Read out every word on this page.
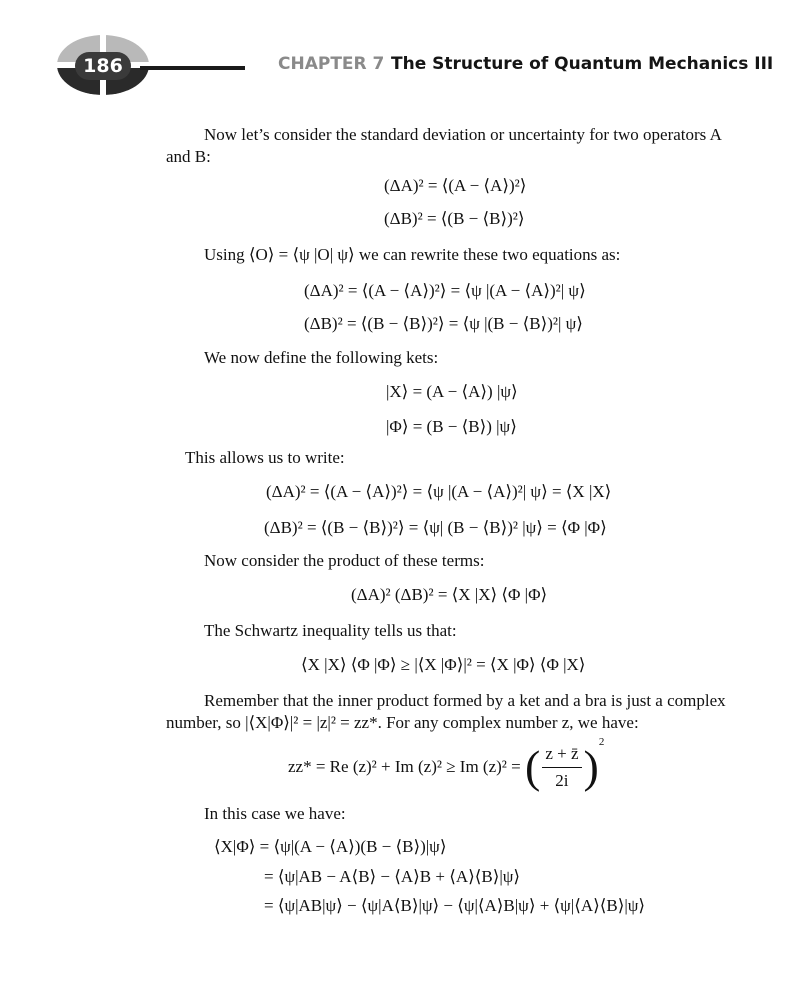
186	CHAPTER 7 The Structure of Quantum Mechanics III
Now let’s consider the standard deviation or uncertainty for two operators A
and B:
(ΔA)² = ⟨(A − ⟨A⟩)²⟩
(ΔB)² = ⟨(B − ⟨B⟩)²⟩
Using ⟨O⟩ = ⟨ψ |O| ψ⟩ we can rewrite these two equations as:
(ΔA)² = ⟨(A − ⟨A⟩)²⟩ = ⟨ψ |(A − ⟨A⟩)²| ψ⟩
(ΔB)² = ⟨(B − ⟨B⟩)²⟩ = ⟨ψ |(B − ⟨B⟩)²| ψ⟩
We now define the following kets:
|X⟩ = (A − ⟨A⟩) |ψ⟩
|Φ⟩ = (B − ⟨B⟩) |ψ⟩
This allows us to write:
(ΔA)² = ⟨(A − ⟨A⟩)²⟩ = ⟨ψ |(A − ⟨A⟩)²| ψ⟩ = ⟨X |X⟩
(ΔB)² = ⟨(B − ⟨B⟩)²⟩ = ⟨ψ| (B − ⟨B⟩)² |ψ⟩ = ⟨Φ |Φ⟩
Now consider the product of these terms:
(ΔA)² (ΔB)² = ⟨X |X⟩ ⟨Φ |Φ⟩
The Schwartz inequality tells us that:
⟨X |X⟩ ⟨Φ |Φ⟩ ≥ |⟨X |Φ⟩|² = ⟨X |Φ⟩ ⟨Φ |X⟩
Remember that the inner product formed by a ket and a bra is just a complex
number, so |⟨X|Φ⟩|² = |z|² = zz*. For any complex number z, we have:
zz* = Re (z)² + Im (z)² ≥ Im (z)² = ( $\frac{z + z̄}{2i} )^2$
In this case we have:
⟨X|Φ⟩ = ⟨ψ|(A − ⟨A⟩)(B − ⟨B⟩)|ψ⟩
= ⟨ψ|AB − A⟨B⟩ − ⟨A⟩B + ⟨A⟩⟨B⟩|ψ⟩
= ⟨ψ|AB|ψ⟩ − ⟨ψ|A⟨B⟩|ψ⟩ − ⟨ψ|⟨A⟩B|ψ⟩ + ⟨ψ|⟨A⟩⟨B⟩|ψ⟩
